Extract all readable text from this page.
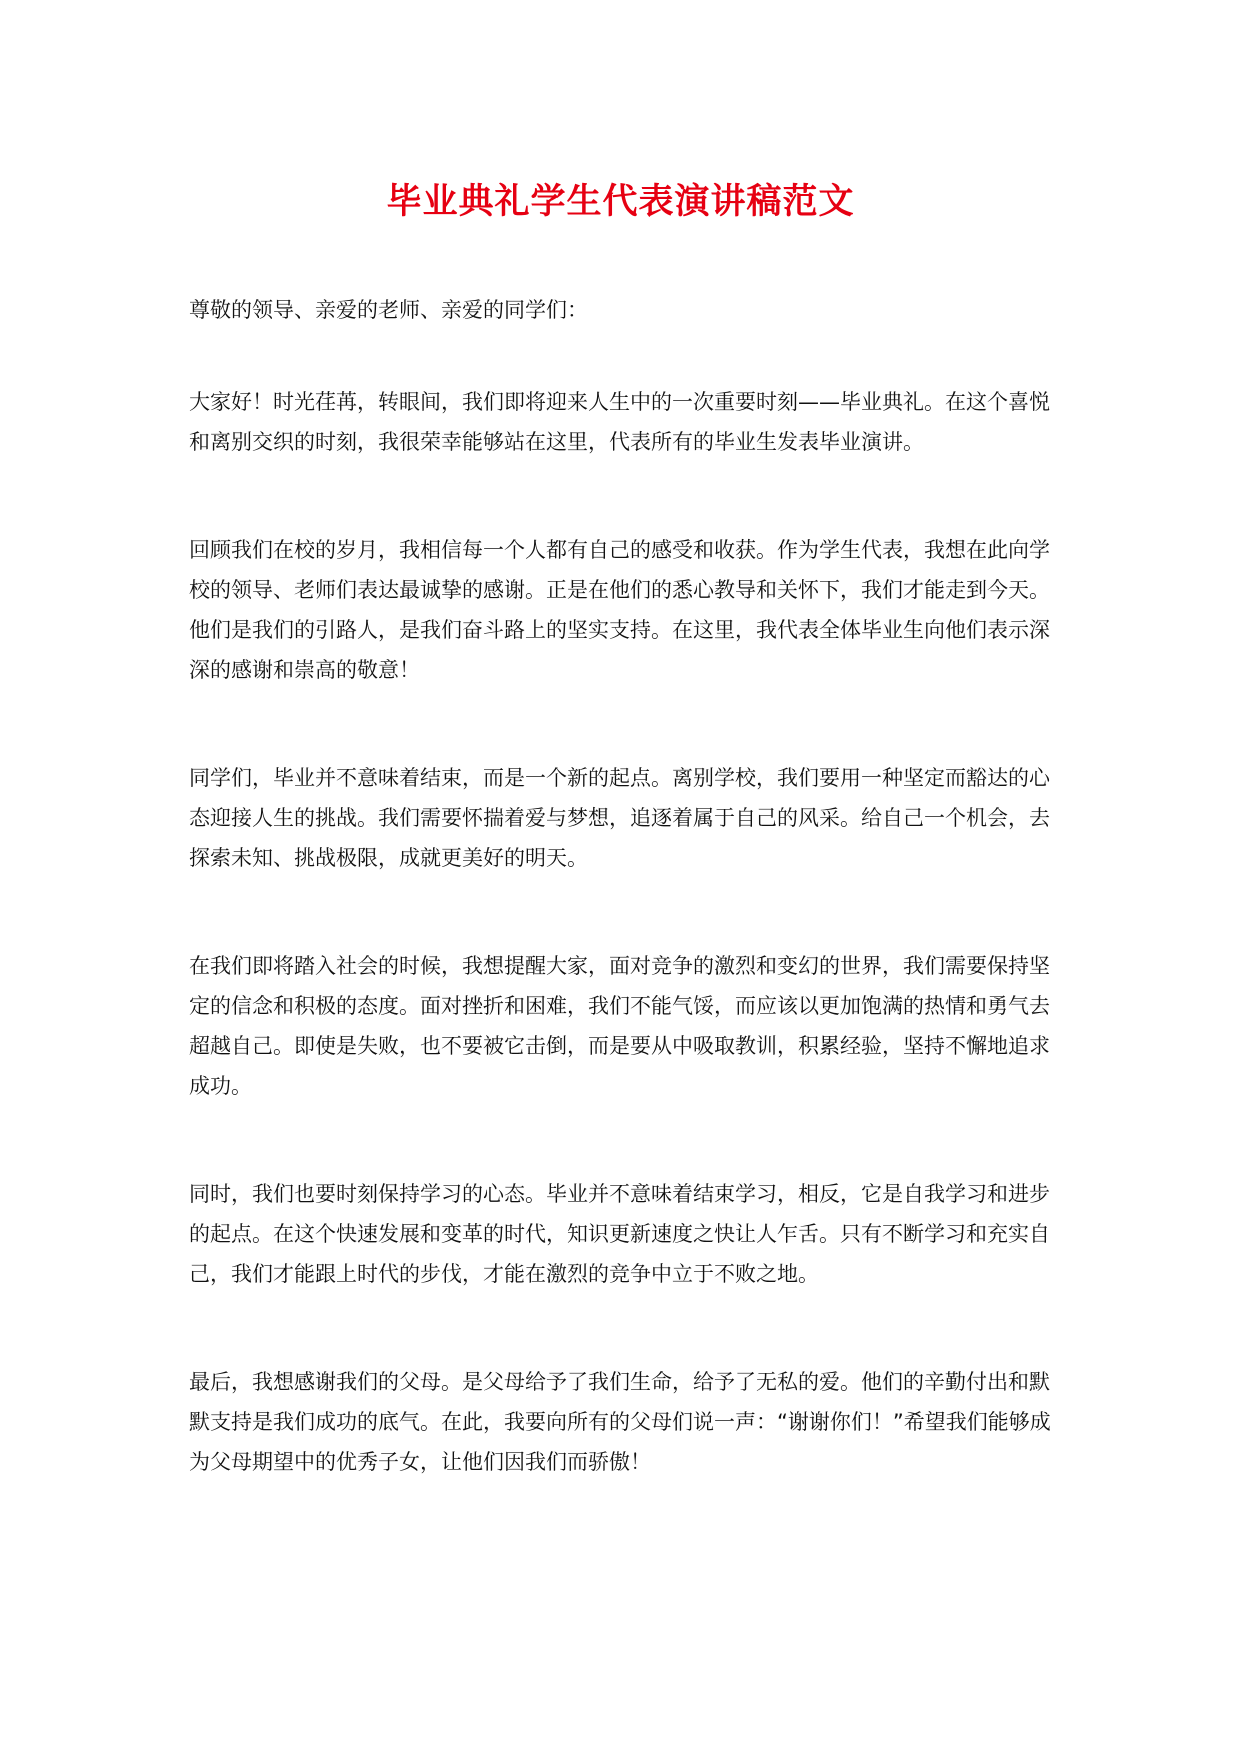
毕业典礼学生代表演讲稿范文

尊敬的领导、亲爱的老师、亲爱的同学们：

大家好！时光荏苒，转眼间，我们即将迎来人生中的一次重要时刻——毕业典礼。在这个喜悦和离别交织的时刻，我很荣幸能够站在这里，代表所有的毕业生发表毕业演讲。

回顾我们在校的岁月，我相信每一个人都有自己的感受和收获。作为学生代表，我想在此向学校的领导、老师们表达最诚挚的感谢。正是在他们的悉心教导和关怀下，我们才能走到今天。他们是我们的引路人，是我们奋斗路上的坚实支持。在这里，我代表全体毕业生向他们表示深深的感谢和崇高的敬意！

同学们，毕业并不意味着结束，而是一个新的起点。离别学校，我们要用一种坚定而豁达的心态迎接人生的挑战。我们需要怀揣着爱与梦想，追逐着属于自己的风采。给自己一个机会，去探索未知、挑战极限，成就更美好的明天。

在我们即将踏入社会的时候，我想提醒大家，面对竞争的激烈和变幻的世界，我们需要保持坚定的信念和积极的态度。面对挫折和困难，我们不能气馁，而应该以更加饱满的热情和勇气去超越自己。即使是失败，也不要被它击倒，而是要从中吸取教训，积累经验，坚持不懈地追求成功。

同时，我们也要时刻保持学习的心态。毕业并不意味着结束学习，相反，它是自我学习和进步的起点。在这个快速发展和变革的时代，知识更新速度之快让人乍舌。只有不断学习和充实自己，我们才能跟上时代的步伐，才能在激烈的竞争中立于不败之地。

最后，我想感谢我们的父母。是父母给予了我们生命，给予了无私的爱。他们的辛勤付出和默默支持是我们成功的底气。在此，我要向所有的父母们说一声：“谢谢你们！”希望我们能够成为父母期望中的优秀子女，让他们因我们而骄傲！
